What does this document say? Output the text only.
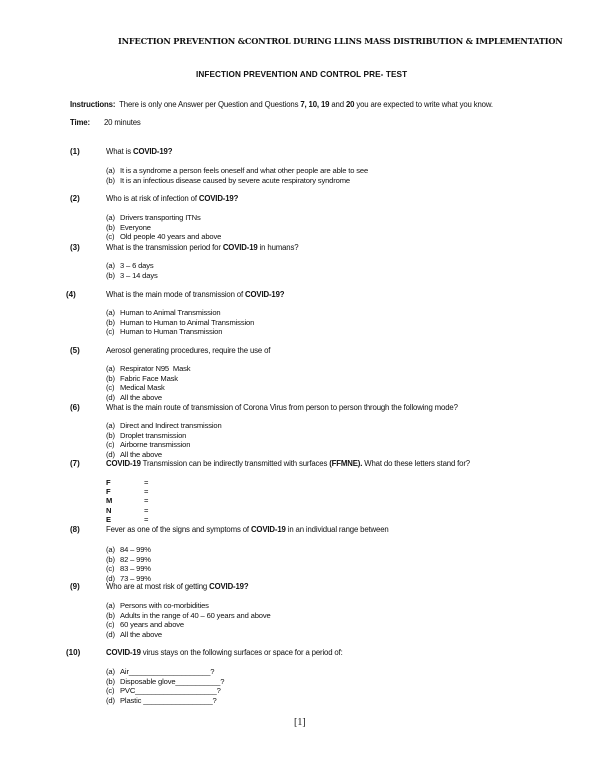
INFECTION PREVENTION &CONTROL DURING LLINS MASS DISTRIBUTION & IMPLEMENTATION
INFECTION PREVENTION AND CONTROL PRE- TEST
Instructions: There is only one Answer per Question and Questions 7, 10, 19 and 20 you are expected to write what you know.
Time: 20 minutes
(1)	What is COVID-19?
(a) It is a syndrome a person feels oneself and what other people are able to see
(b) It is an infectious disease caused by severe acute respiratory syndrome
(2)	Who is at risk of infection of COVID-19?
(a) Drivers transporting ITNs
(b) Everyone
(c) Old people 40 years and above
(3)	What is the transmission period for COVID-19 in humans?
(a) 3 – 6 days
(b) 3 – 14 days
(4)	What is the main mode of transmission of COVID-19?
(a) Human to Animal Transmission
(b) Human to Human to Animal Transmission
(c) Human to Human Transmission
(5)	Aerosol generating procedures, require the use of
(a) Respirator N95  Mask
(b) Fabric Face Mask
(c) Medical Mask
(d) All the above
(6)	What is the main route of transmission of Corona Virus from person to person through the following mode?
(a) Direct and Indirect transmission
(b) Droplet transmission
(c) Airborne transmission
(d) All the above
(7)	COVID-19 Transmission can be indirectly transmitted with surfaces (FFMNE). What do these letters stand for?
F	=
F	=
M	=
N	=
E	=
(8)	Fever as one of the signs and symptoms of COVID-19 in an individual range between
(a) 84 – 99%
(b) 82 – 99%
(c) 83 – 99%
(d) 73 – 99%
(9)	Who are at most risk of getting COVID-19?
(a) Persons with co-morbidities
(b) Adults in the range of 40 – 60 years and above
(c) 60 years and above
(d) All the above
(10)	COVID-19 virus stays on the following surfaces or space for a period of:
(a) Air____________________?
(b) Disposable glove___________?
(c) PVC____________________?
(d) Plastic _________________?
[1]
